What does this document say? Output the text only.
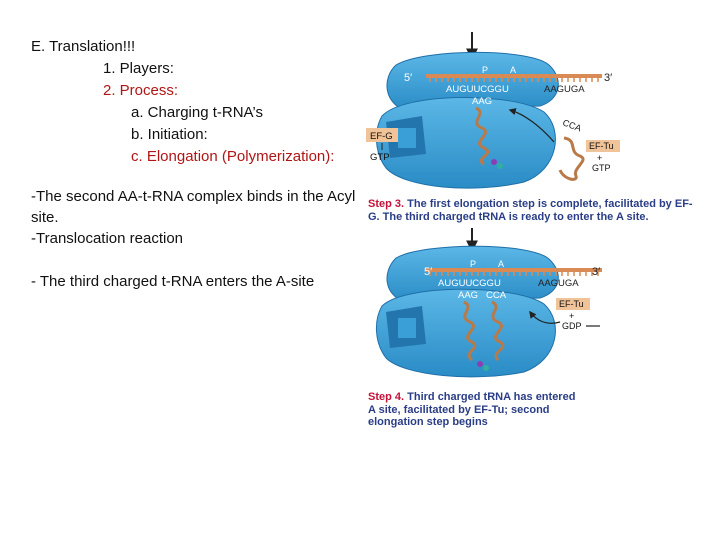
E. Translation!!!
1. Players:
2. Process:
a. Charging t-RNA’s
b. Initiation:
c. Elongation (Polymerization):

-The second AA-t-RNA complex binds in the Acyl site.

-Translocation reaction

- The third charged t-RNA enters the A-site

5′	3′
P A
AUGUUCGGU	AAGUGA
AAG
EF-G
GTP
CCA
EF-Tu
+
GTP
5′	3′
P A
AUGUUCGGU	AAGUGA
AAG CCA
EF-Tu
+
GDP
Step 3. The first elongation step is complete, facilitated by EF-G. The third charged tRNA is ready to enter the A site.
Step 4. Third charged tRNA has entered A site, facilitated by EF-Tu; second elongation step begins
